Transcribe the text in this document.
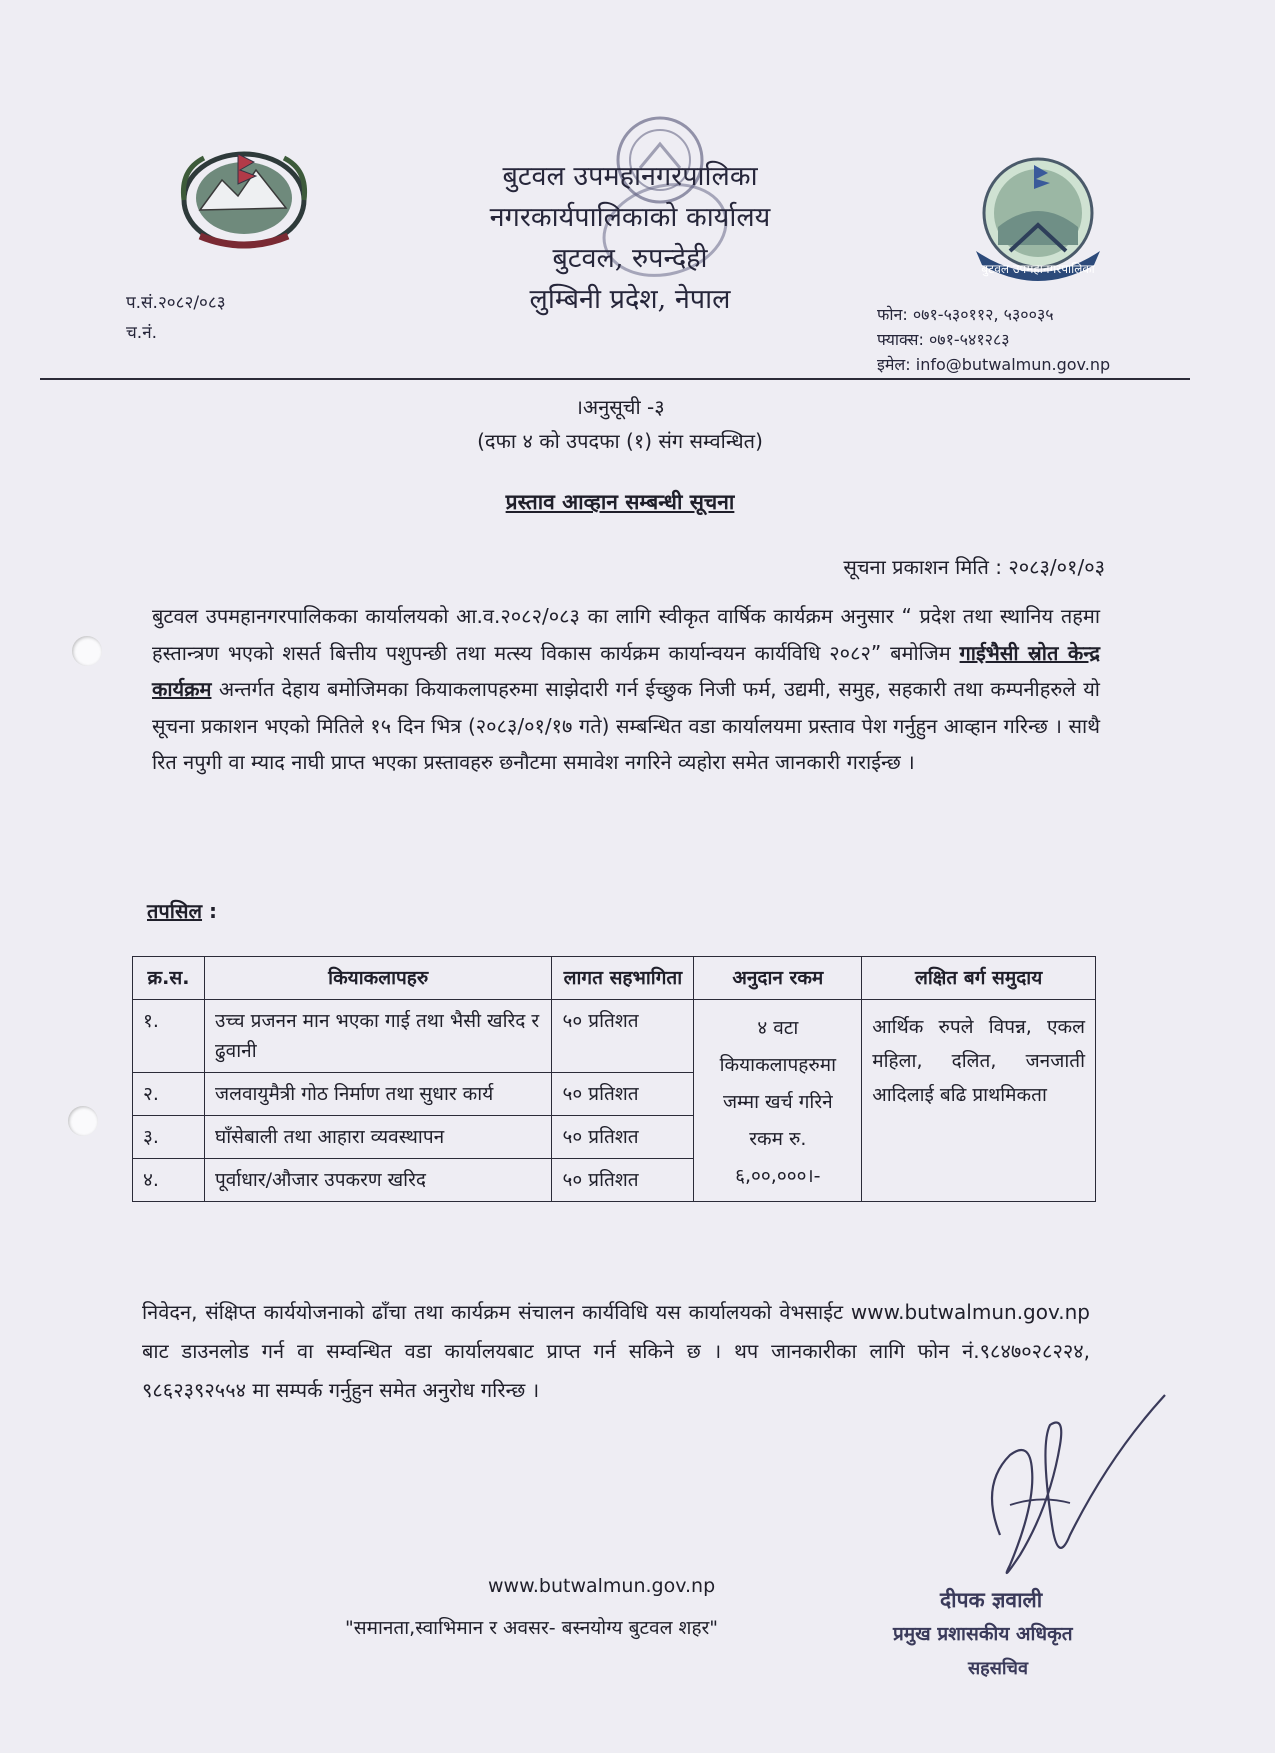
बुटवल उपमहानगरपालिका
बुटवल उपमहानगरपालिका
नगरकार्यपालिकाको कार्यालय
बुटवल, रुपन्देही
लुम्बिनी प्रदेश, नेपाल
प.सं.२०८२/०८३
च.नं.
फोन: ०७१-५३०११२, ५३००३५
फ्याक्स: ०७१-५४१२८३
इमेल: info@butwalmun.gov.np
।अनुसूची -३
(दफा ४ को उपदफा (१) संग सम्वन्धित)
प्रस्ताव आव्हान सम्बन्धी सूचना
सूचना प्रकाशन मिति : २०८३/०१/०३
बुटवल उपमहानगरपालिकका कार्यालयको आ.व.२०८२/०८३ का लागि स्वीकृत वार्षिक कार्यक्रम अनुसार “ प्रदेश तथा स्थानिय तहमा हस्तान्त्रण भएको शसर्त बित्तीय पशुपन्छी तथा मत्स्य विकास कार्यक्रम कार्यान्वयन कार्यविधि २०८२” बमोजिम गाईभैसी स्रोत केन्द्र कार्यक्रम अन्तर्गत देहाय बमोजिमका कियाकलापहरुमा साझेदारी गर्न ईच्छुक निजी फर्म, उद्यमी, समुह, सहकारी तथा कम्पनीहरुले यो सूचना प्रकाशन भएको मितिले १५ दिन भित्र (२०८३/०१/१७ गते) सम्बन्धित वडा कार्यालयमा प्रस्ताव पेश गर्नुहुन आव्हान गरिन्छ । साथै रित नपुगी वा म्याद नाघी प्राप्त भएका प्रस्तावहरु छनौटमा समावेश नगरिने व्यहोरा समेत जानकारी गराईन्छ ।
तपसिल :
क्र.स.	कियाकलापहरु	लागत सहभागिता	अनुदान रकम	लक्षित बर्ग समुदाय
१.	उच्च प्रजनन मान भएका गाई तथा भैसी खरिद र ढुवानी	५० प्रतिशत	४ वटा कियाकलापहरुमा जम्मा खर्च गरिने रकम रु. ६,००,०००।-	आर्थिक रुपले विपन्न, एकल महिला, दलित, जनजाती आदिलाई बढि प्राथमिकता
२.	जलवायुमैत्री गोठ निर्माण तथा सुधार कार्य	५० प्रतिशत		
३.	घाँसेबाली तथा आहारा व्यवस्थापन	५० प्रतिशत		
४.	पूर्वाधार/औजार उपकरण खरिद	५० प्रतिशत		
निवेदन, संक्षिप्त कार्ययोजनाको ढाँचा तथा कार्यक्रम संचालन कार्यविधि यस कार्यालयको वेभसाईट www.butwalmun.gov.np बाट डाउनलोड गर्न वा सम्वन्धित वडा कार्यालयबाट प्राप्त गर्न सकिने छ । थप जानकारीका लागि फोन नं.९८४७०२८२२४, ९८६२३९२५५४ मा सम्पर्क गर्नुहुन समेत अनुरोध गरिन्छ ।
www.butwalmun.gov.np
"समानता,स्वाभिमान र अवसर- बस्नयोग्य बुटवल शहर"
दीपक ज्ञवाली
प्रमुख प्रशासकीय अधिकृत
सहसचिव
